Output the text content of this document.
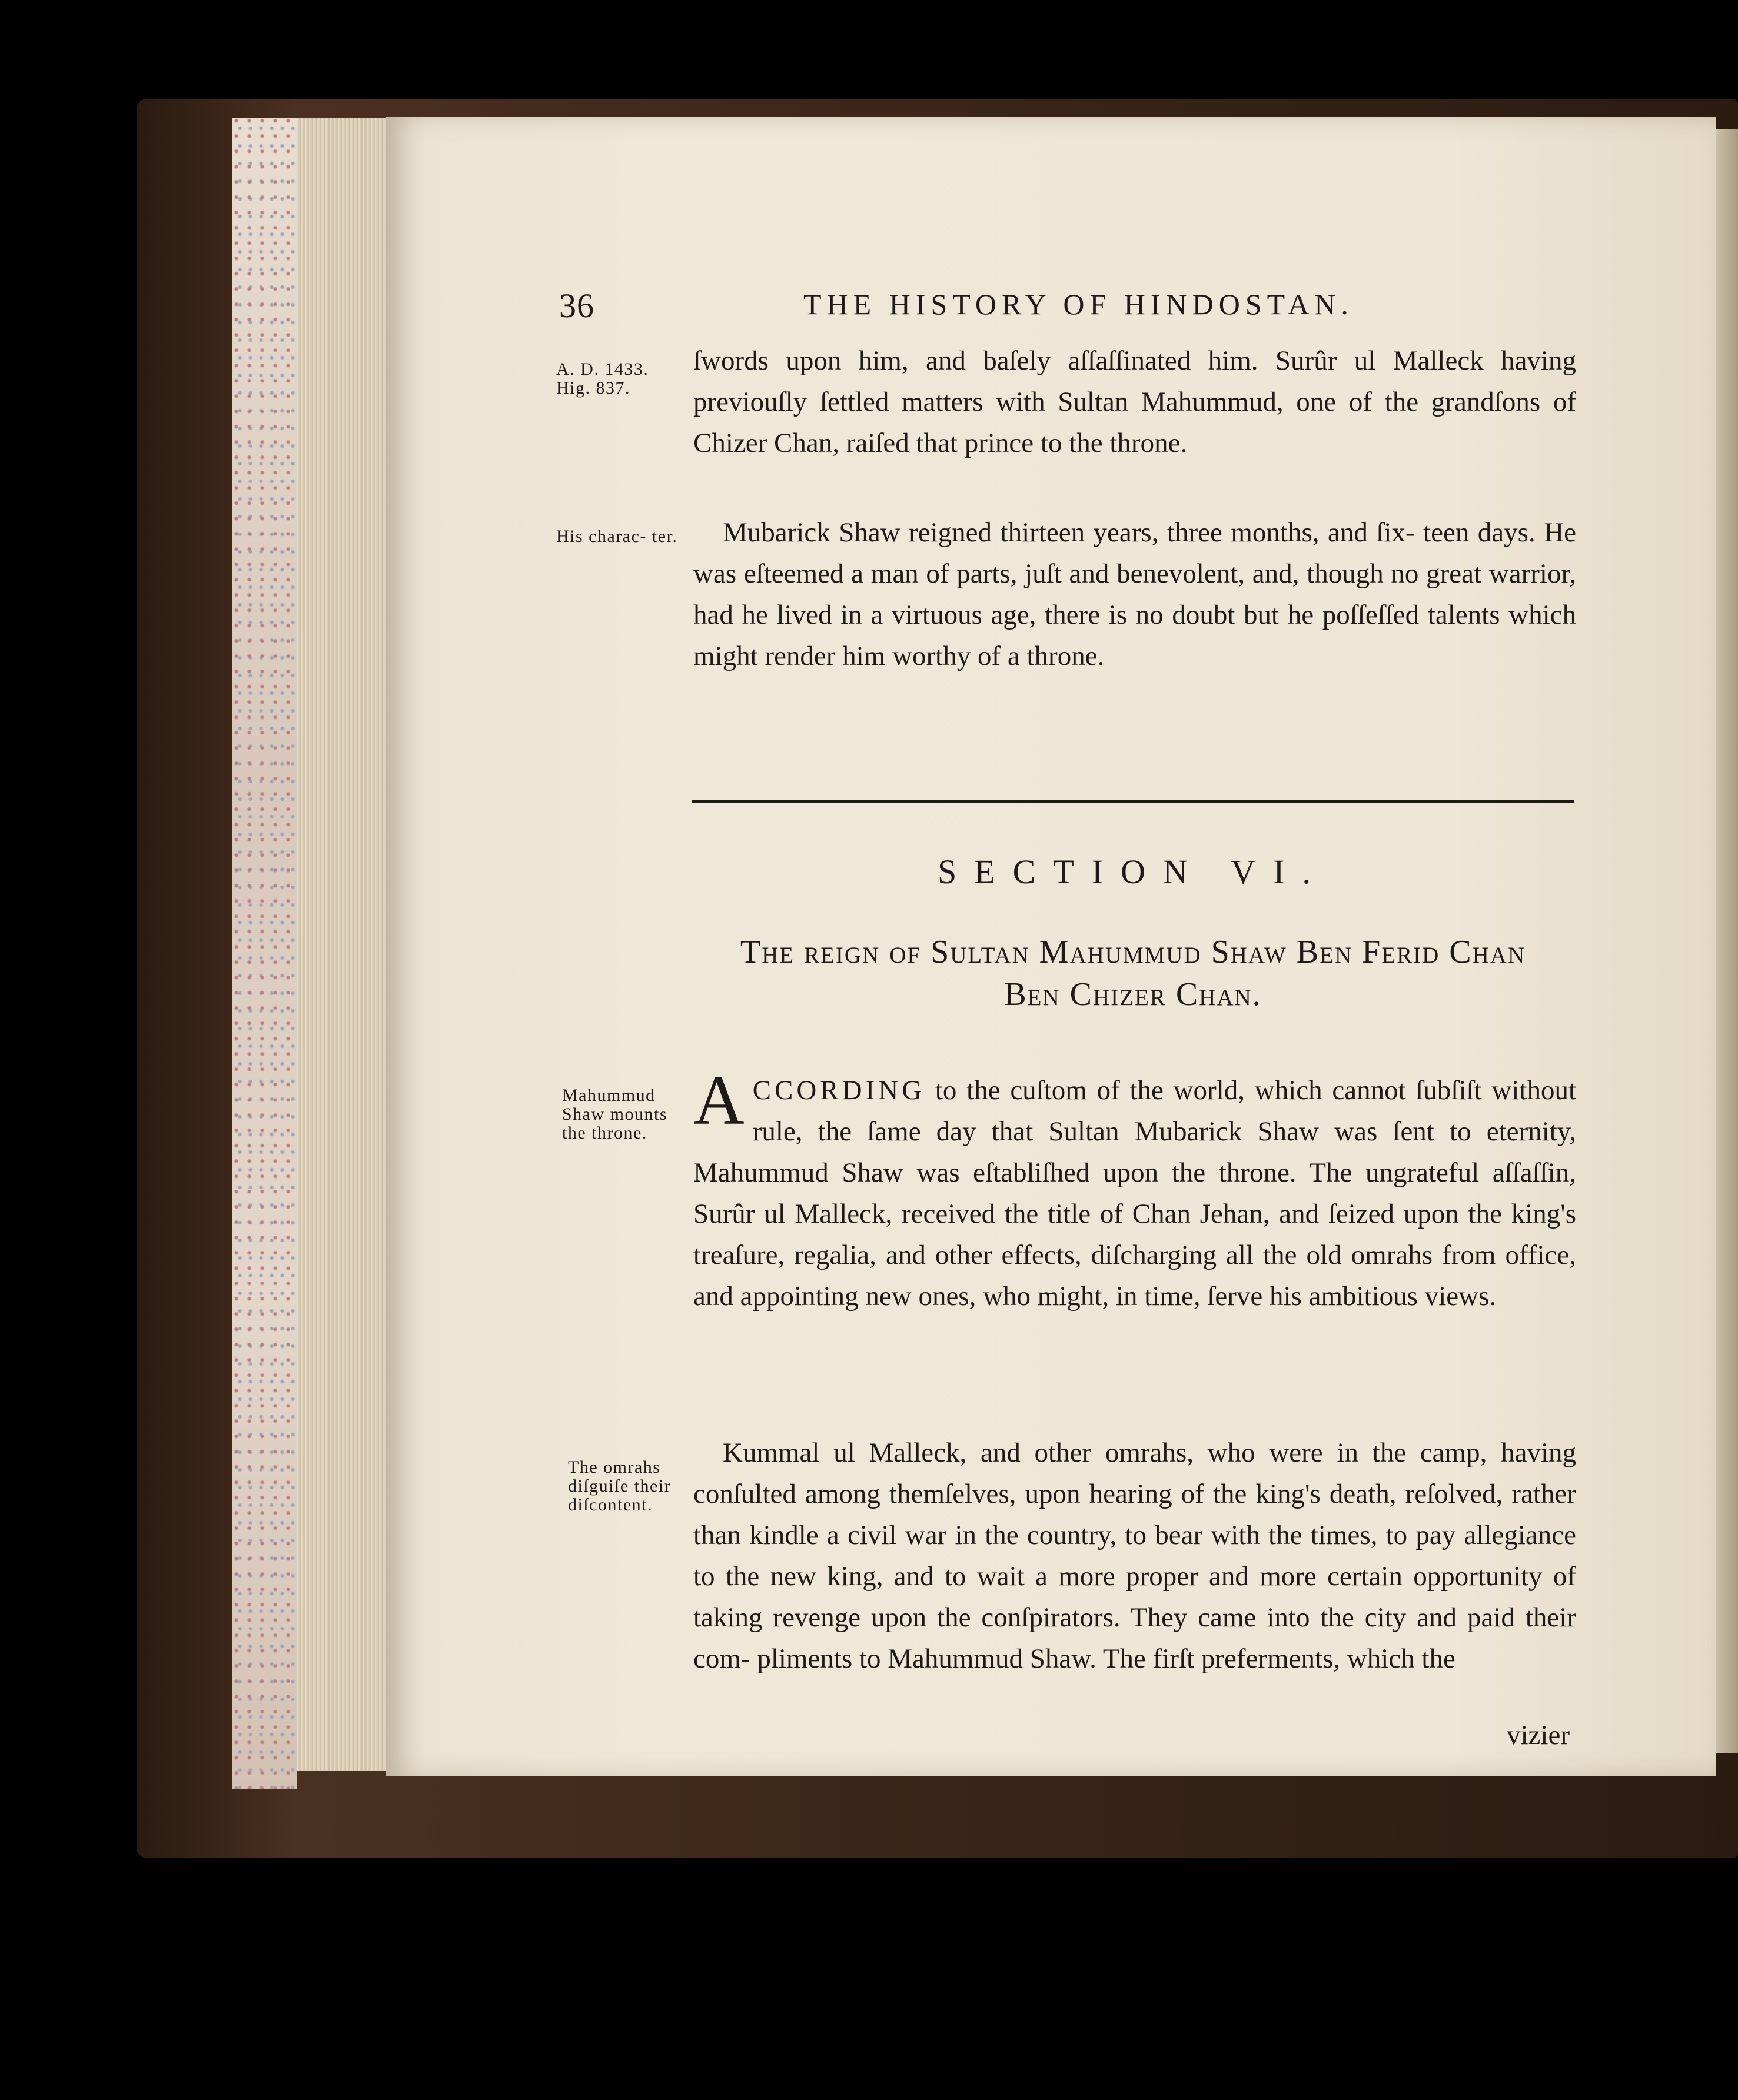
36	THE HISTORY OF HINDOSTAN.
A. D. 1433. Hig. 837.
His charac- ter.
Mahummud Shaw mounts the throne.
The omrahs diſguiſe their diſcontent.
ſwords upon him, and baſely aſſaſſinated him. Surûr ul Malleck having previouſly ſettled matters with Sultan Mahummud, one of the grandſons of Chizer Chan, raiſed that prince to the throne.
Mubarick Shaw reigned thirteen years, three months, and ſix- teen days. He was eſteemed a man of parts, juſt and benevolent, and, though no great warrior, had he lived in a virtuous age, there is no doubt but he poſſeſſed talents which might render him worthy of a throne.
SECTION VI.
The reign of Sultan Mahummud Shaw Ben Ferid Chan
Ben Chizer Chan.
ACCORDING to the cuſtom of the world, which cannot ſubſiſt without rule, the ſame day that Sultan Mubarick Shaw was ſent to eternity, Mahummud Shaw was eſtabliſhed upon the throne. The ungrateful aſſaſſin, Surûr ul Malleck, received the title of Chan Jehan, and ſeized upon the king's treaſure, regalia, and other effects, diſcharging all the old omrahs from office, and appointing new ones, who might, in time, ſerve his ambitious views.
Kummal ul Malleck, and other omrahs, who were in the camp, having conſulted among themſelves, upon hearing of the king's death, reſolved, rather than kindle a civil war in the country, to bear with the times, to pay allegiance to the new king, and to wait a more proper and more certain opportunity of taking revenge upon the conſpirators. They came into the city and paid their com- pliments to Mahummud Shaw. The firſt preferments, which the
vizier
